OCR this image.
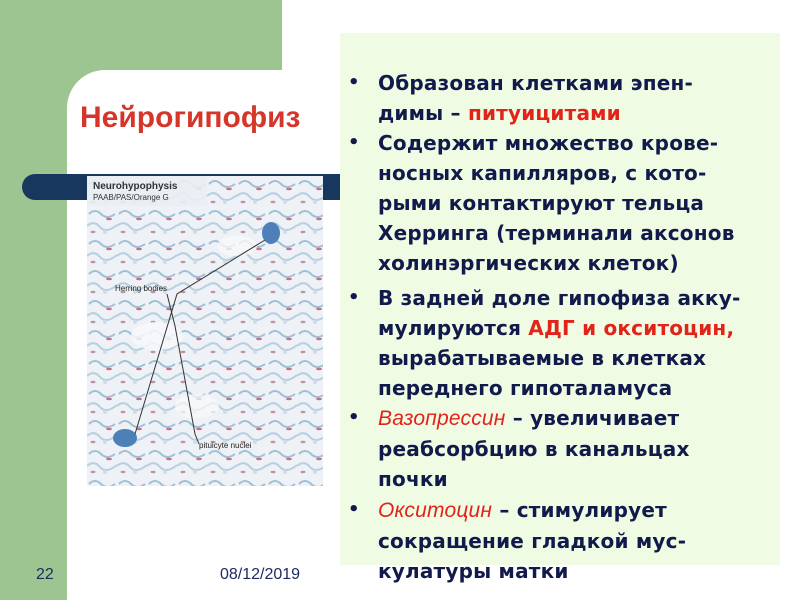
Нейрогипофиз
Neurohypophysis
PAAB/PAS/Orange G
Herring bodies
pituicyte nuclei
• Образован клетками эпен-
димы – питуицитами
• Содержит множество крове-
носных капилляров, с кото-
рыми контактируют тельца
Херринга (терминали аксонов
холинэргических клеток)
• В задней доле гипофиза акку-
мулируются АДГ и окситоцин,
вырабатываемые в клетках
переднего гипоталамуса
• Вазопрессин – увеличивает
реабсорбцию в канальцах
почки
• Окситоцин – стимулирует
сокращение гладкой мус-
кулатуры матки
22	08/12/2019
